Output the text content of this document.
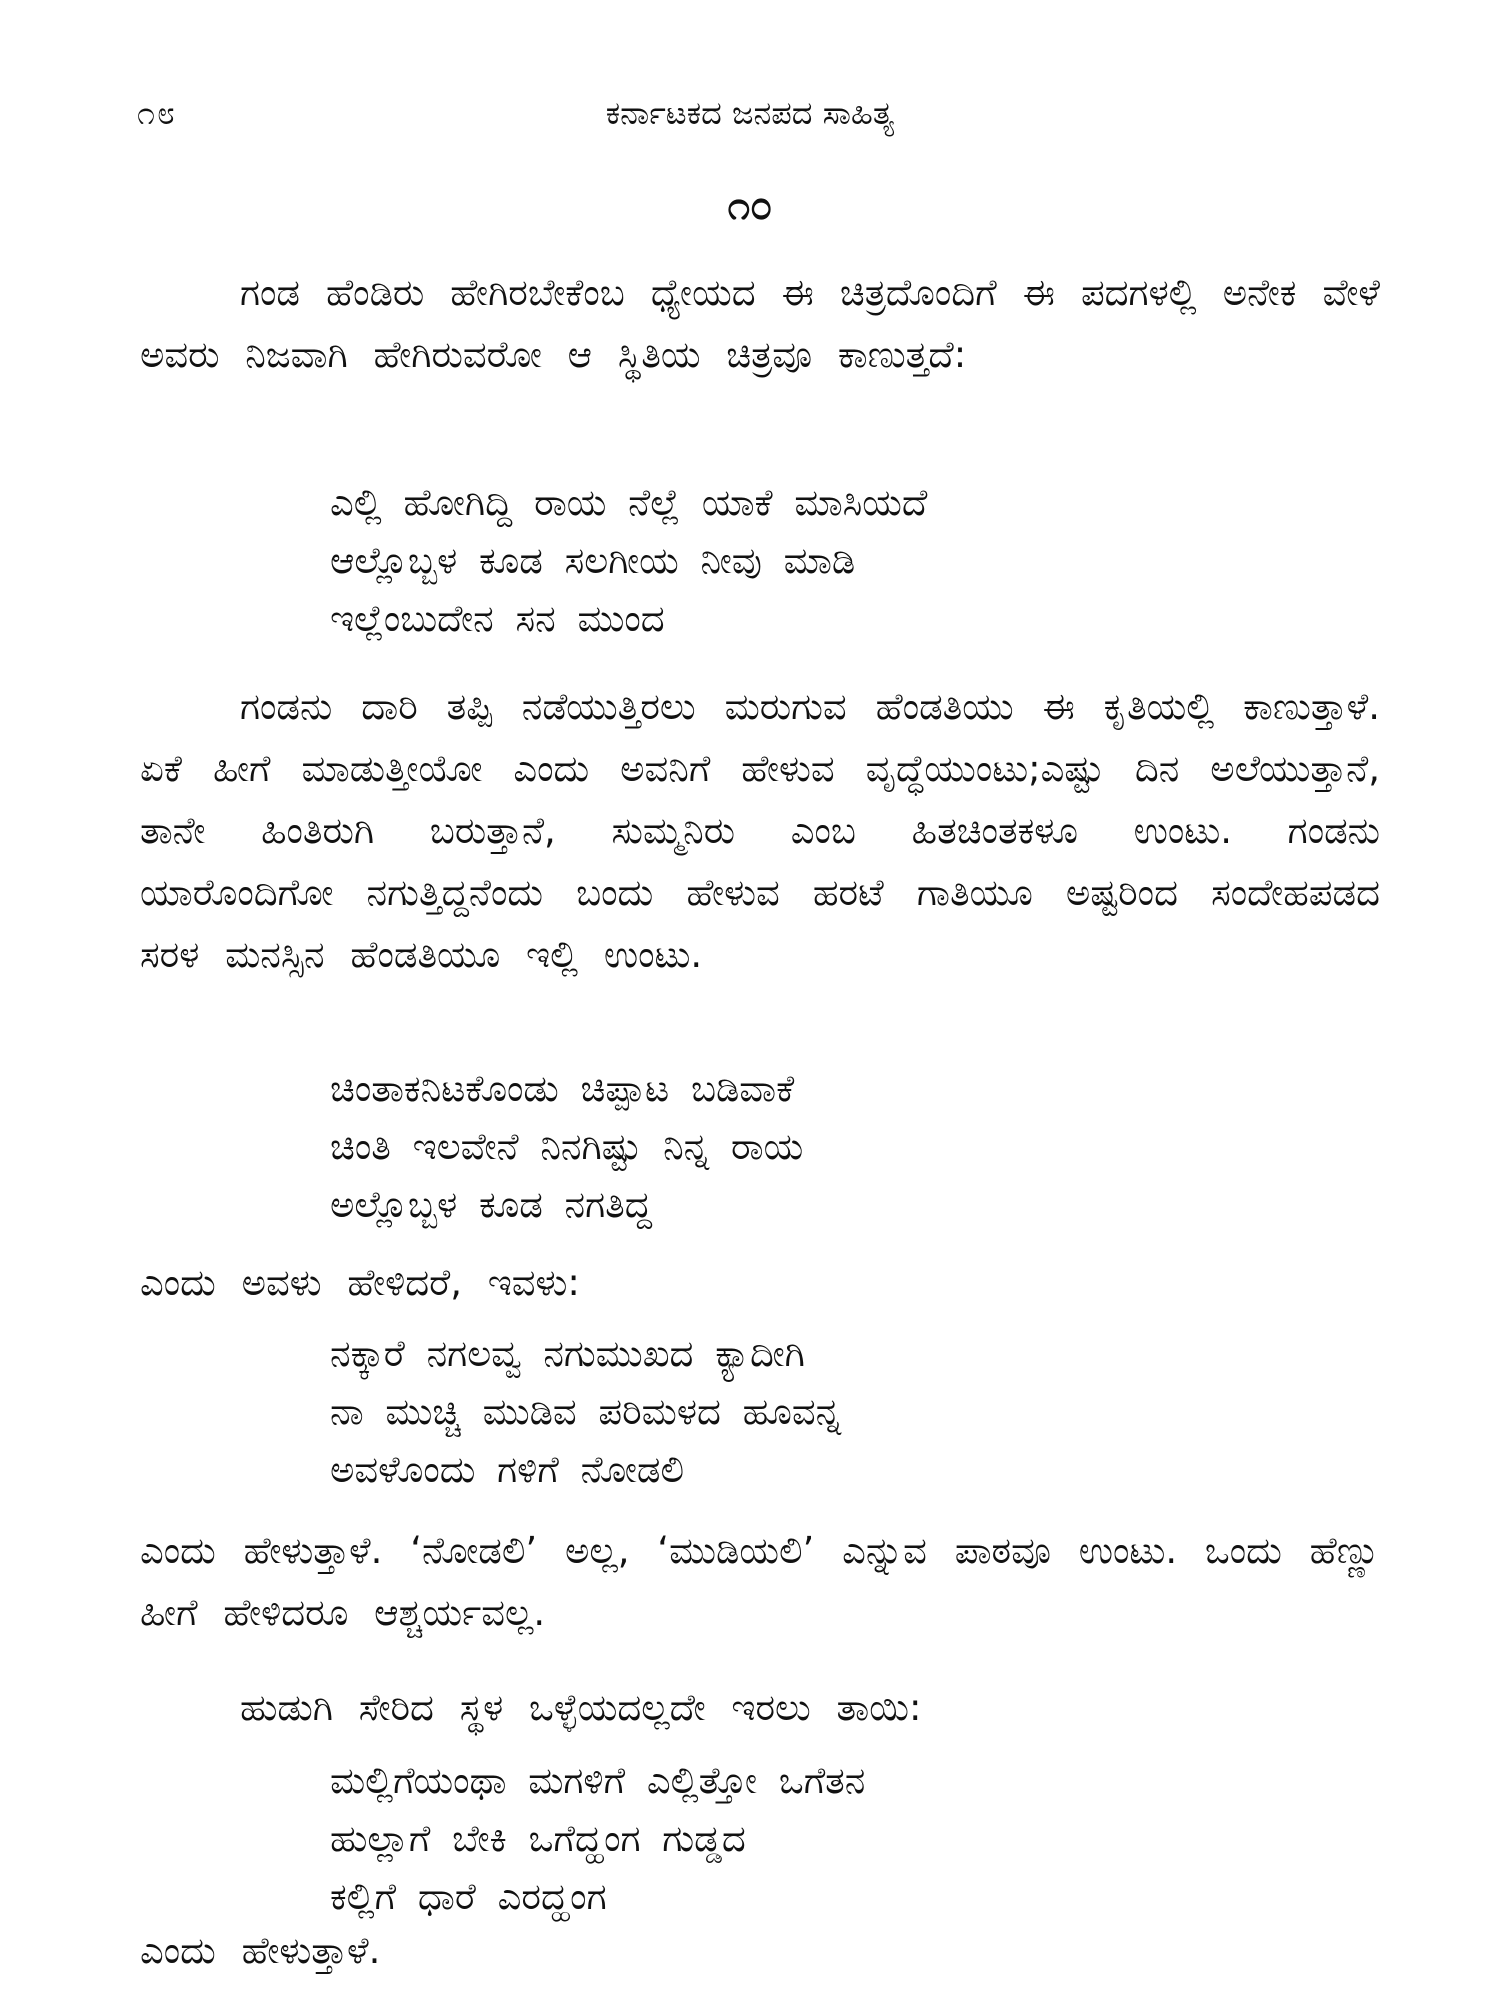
೧೮	ಕರ್ನಾಟಕದ ಜನಪದ ಸಾಹಿತ್ಯ
೧೦

ಗಂಡ ಹೆಂಡಿರು ಹೇಗಿರಬೇಕೆಂಬ ಧ್ಯೇಯದ ಈ ಚಿತ್ರದೊಂದಿಗೆ ಈ ಪದಗಳಲ್ಲಿ ಅನೇಕ ವೇಳೆ ಅವರು ನಿಜವಾಗಿ ಹೇಗಿರುವರೋ ಆ ಸ್ಥಿತಿಯ ಚಿತ್ರವೂ ಕಾಣುತ್ತದೆ:

ಎಲ್ಲಿ ಹೋಗಿದ್ದಿ ರಾಯ ನೆಲ್ಲೆ ಯಾಕೆ ಮಾಸಿಯದೆ
ಆಲ್ಲೊಬ್ಬಳ ಕೂಡ ಸಲಗೀಯ ನೀವು ಮಾಡಿ
ಇಲ್ಲೆಂಬುದೇನ ಸನ ಮುಂದ

ಗಂಡನು ದಾರಿ ತಪ್ಪಿ ನಡೆಯುತ್ತಿರಲು ಮರುಗುವ ಹೆಂಡತಿಯು ಈ ಕೃತಿಯಲ್ಲಿ ಕಾಣುತ್ತಾಳೆ. ಏಕೆ ಹೀಗೆ ಮಾಡುತ್ತೀಯೋ ಎಂದು ಅವನಿಗೆ ಹೇಳುವ ವೃದ್ಧೆಯುಂಟು;ಎಷ್ಟು ದಿನ ಅಲೆಯುತ್ತಾನೆ, ತಾನೇ ಹಿಂತಿರುಗಿ ಬರುತ್ತಾನೆ, ಸುಮ್ಮನಿರು ಎಂಬ ಹಿತಚಿಂತಕಳೂ ಉಂಟು. ಗಂಡನು ಯಾರೊಂದಿಗೋ ನಗುತ್ತಿದ್ದನೆಂದು ಬಂದು ಹೇಳುವ ಹರಟೆ ಗಾತಿಯೂ ಅಷ್ಟರಿಂದ ಸಂದೇಹಪಡದ ಸರಳ ಮನಸ್ಸಿನ ಹೆಂಡತಿಯೂ ಇಲ್ಲಿ ಉಂಟು.

ಚಿಂತಾಕನಿಟಕೊಂಡು ಚಿಪ್ಪಾಟ ಬಡಿವಾಕೆ
ಚಿಂತಿ ಇಲವೇನೆ ನಿನಗಿಷ್ಟು ನಿನ್ನ ರಾಯ
ಅಲ್ಲೊಬ್ಬಳ ಕೂಡ ನಗತಿದ್ದ

ಎಂದು ಅವಳು ಹೇಳಿದರೆ, ಇವಳು:

ನಕ್ಕಾರೆ ನಗಲವ್ವ ನಗುಮುಖದ ಕ್ಯಾದೀಗಿ
ನಾ ಮುಚ್ಚಿ ಮುಡಿವ ಪರಿಮಳದ ಹೂವನ್ನ
ಅವಳೊಂದು ಗಳಿಗೆ ನೋಡಲಿ

ಎಂದು ಹೇಳುತ್ತಾಳೆ. ‘ನೋಡಲಿ’ ಅಲ್ಲ, ‘ಮುಡಿಯಲಿ’ ಎನ್ನುವ ಪಾಠವೂ ಉಂಟು. ಒಂದು ಹೆಣ್ಣು ಹೀಗೆ ಹೇಳಿದರೂ ಆಶ್ಚರ್ಯವಲ್ಲ.

ಹುಡುಗಿ ಸೇರಿದ ಸ್ಥಳ ಒಳ್ಳೆಯದಲ್ಲದೇ ಇರಲು ತಾಯಿ:

ಮಲ್ಲಿಗೆಯಂಥಾ ಮಗಳಿಗೆ ಎಲ್ಲಿತ್ತೋ ಒಗೆತನ
ಹುಲ್ಲಾಗೆ ಬೇಕಿ ಒಗೆದ್ಹಂಗ ಗುಡ್ಡದ
ಕಲ್ಲಿಗೆ ಧಾರೆ ಎರದ್ಹಂಗ

ಎಂದು ಹೇಳುತ್ತಾಳೆ.
